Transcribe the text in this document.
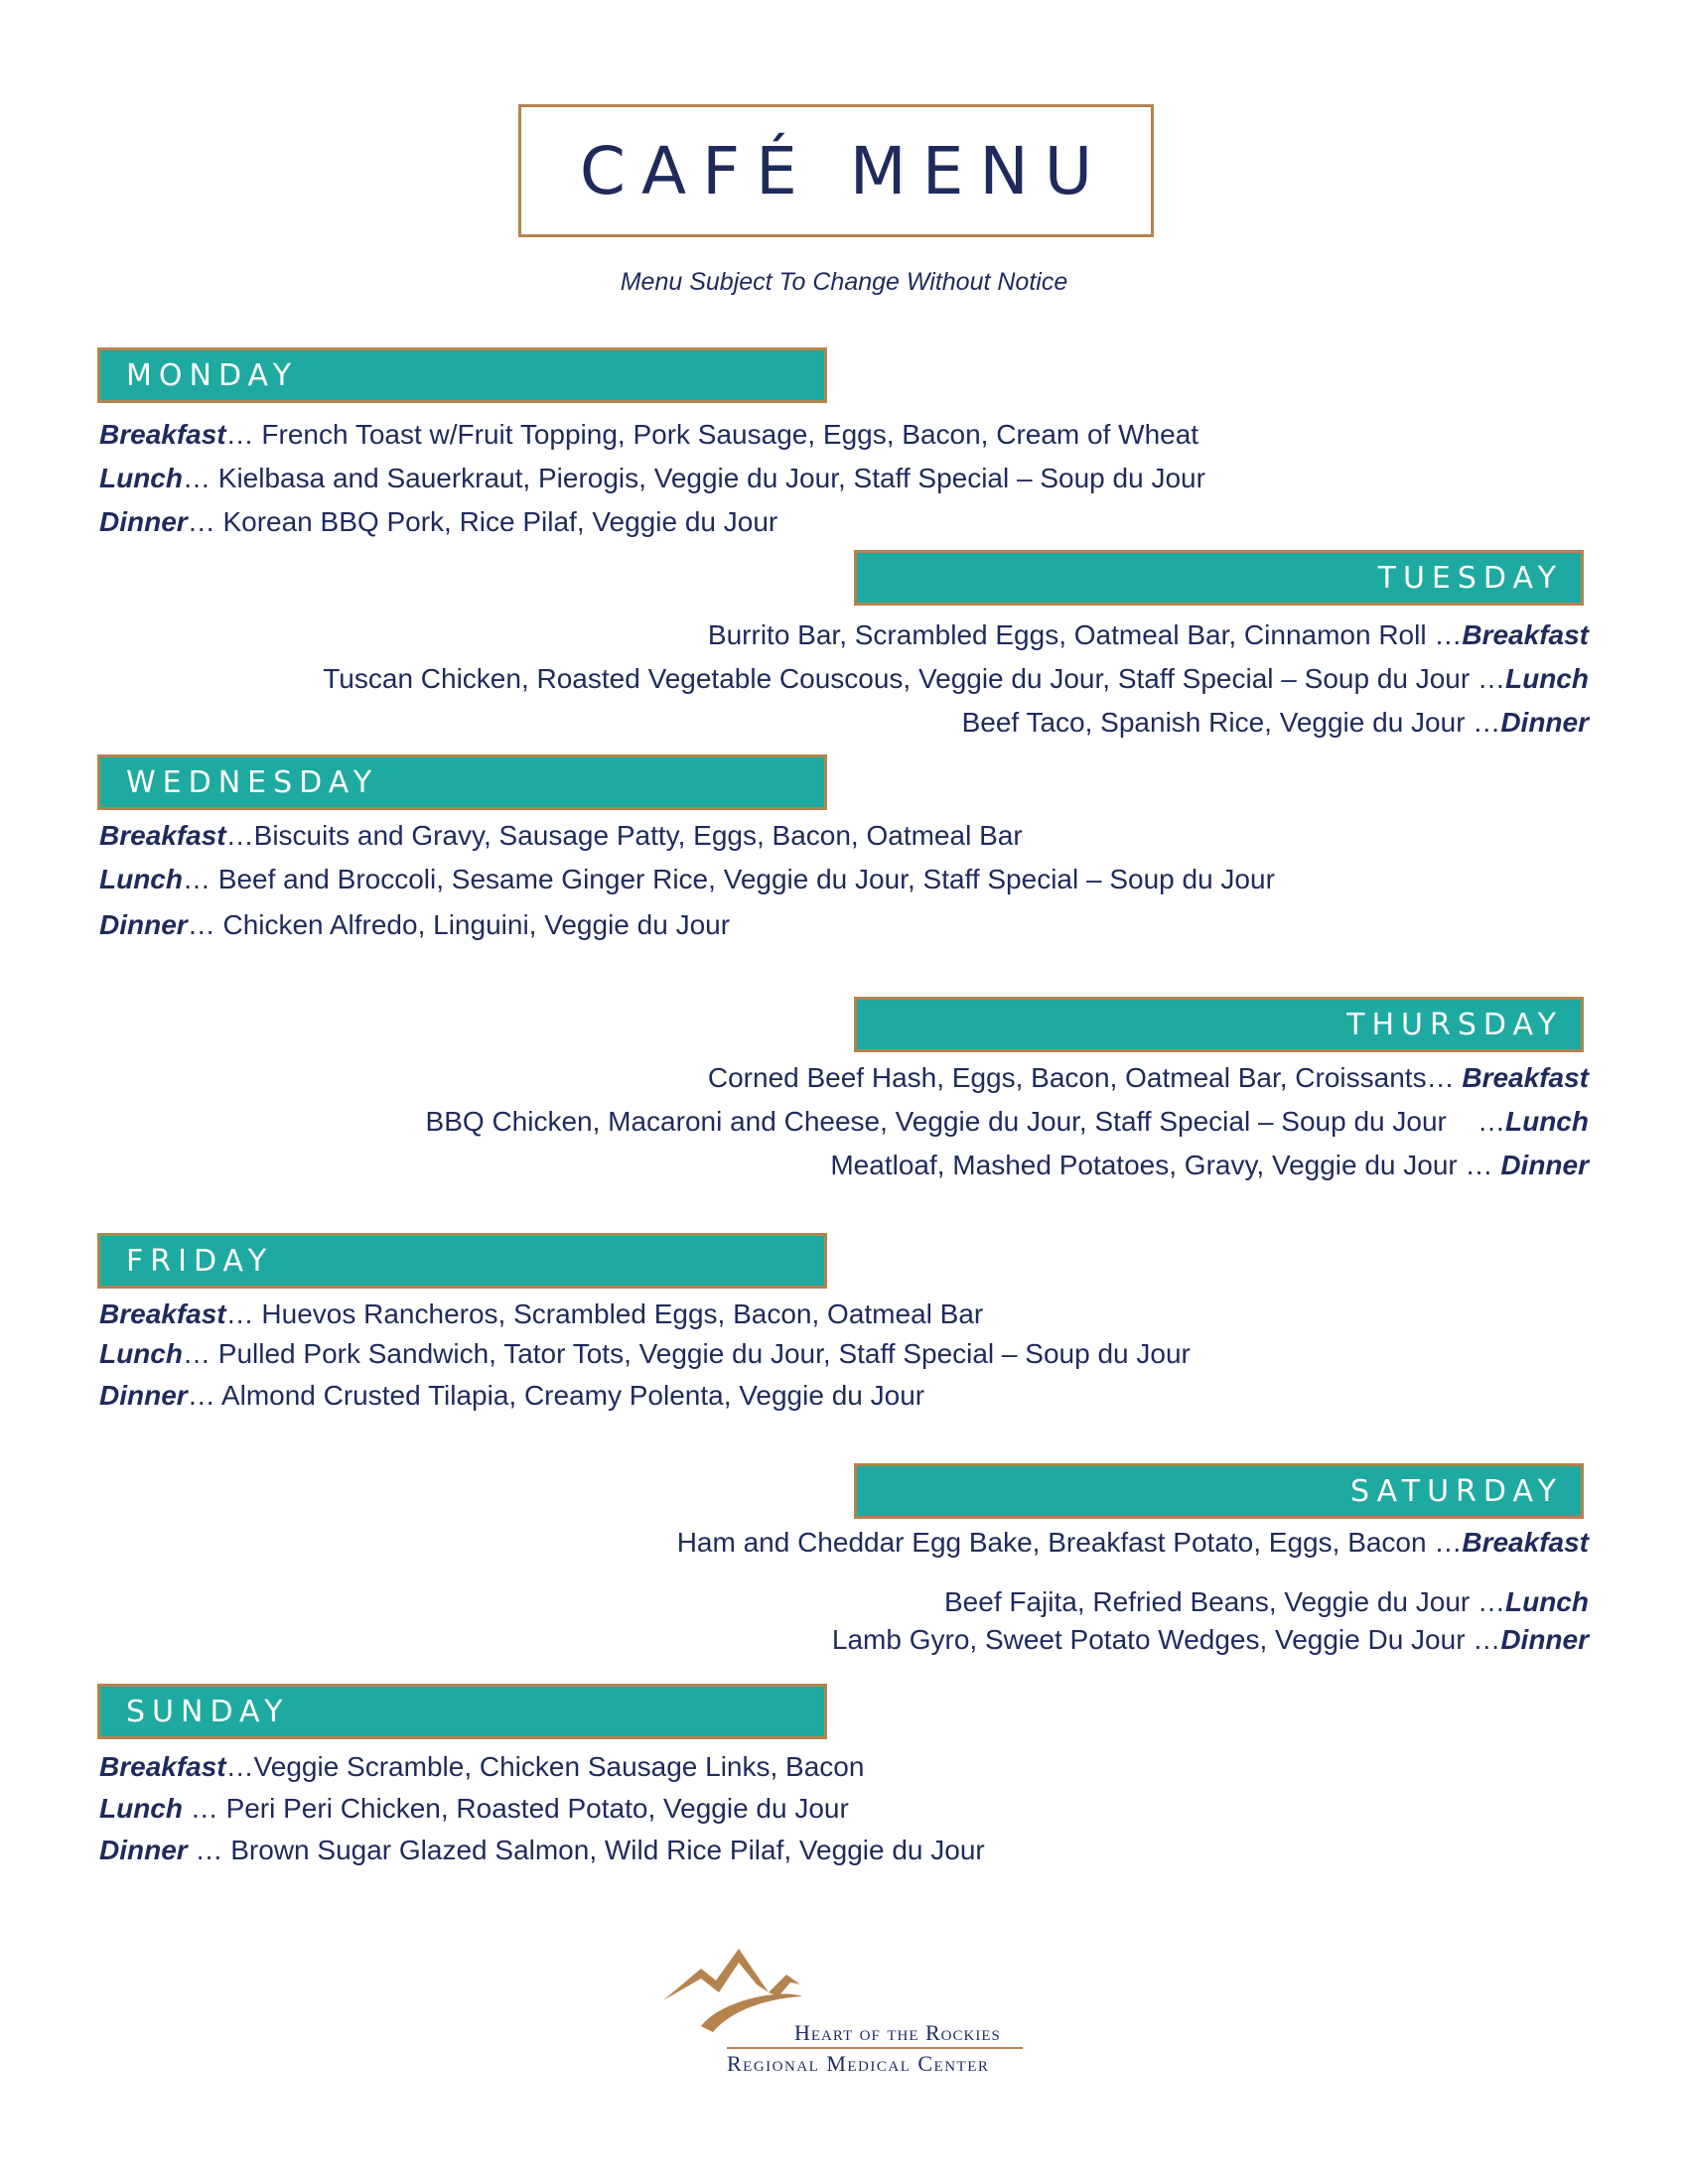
CAFÉ MENU
Menu Subject To Change Without Notice
MONDAY
Breakfast… French Toast w/Fruit Topping, Pork Sausage, Eggs, Bacon, Cream of Wheat
Lunch… Kielbasa and Sauerkraut, Pierogis, Veggie du Jour, Staff Special – Soup du Jour
Dinner… Korean BBQ Pork, Rice Pilaf, Veggie du Jour
TUESDAY
Burrito Bar, Scrambled Eggs, Oatmeal Bar, Cinnamon Roll …Breakfast
Tuscan Chicken, Roasted Vegetable Couscous, Veggie du Jour, Staff Special – Soup du Jour …Lunch
Beef Taco, Spanish Rice, Veggie du Jour …Dinner
WEDNESDAY
Breakfast…Biscuits and Gravy, Sausage Patty, Eggs, Bacon, Oatmeal Bar
Lunch… Beef and Broccoli, Sesame Ginger Rice, Veggie du Jour, Staff Special – Soup du Jour
Dinner… Chicken Alfredo, Linguini, Veggie du Jour
THURSDAY
Corned Beef Hash, Eggs, Bacon, Oatmeal Bar, Croissants… Breakfast
BBQ Chicken, Macaroni and Cheese, Veggie du Jour, Staff Special – Soup du Jour    …Lunch
Meatloaf, Mashed Potatoes, Gravy, Veggie du Jour … Dinner
FRIDAY
Breakfast… Huevos Rancheros, Scrambled Eggs, Bacon, Oatmeal Bar
Lunch… Pulled Pork Sandwich, Tator Tots, Veggie du Jour, Staff Special – Soup du Jour
Dinner… Almond Crusted Tilapia, Creamy Polenta, Veggie du Jour
SATURDAY
Ham and Cheddar Egg Bake, Breakfast Potato, Eggs, Bacon …Breakfast
Beef Fajita, Refried Beans, Veggie du Jour …Lunch
Lamb Gyro, Sweet Potato Wedges, Veggie Du Jour …Dinner
SUNDAY
Breakfast…Veggie Scramble, Chicken Sausage Links, Bacon
Lunch … Peri Peri Chicken, Roasted Potato, Veggie du Jour
Dinner … Brown Sugar Glazed Salmon, Wild Rice Pilaf, Veggie du Jour
Heart of the Rockies
Regional Medical Center
